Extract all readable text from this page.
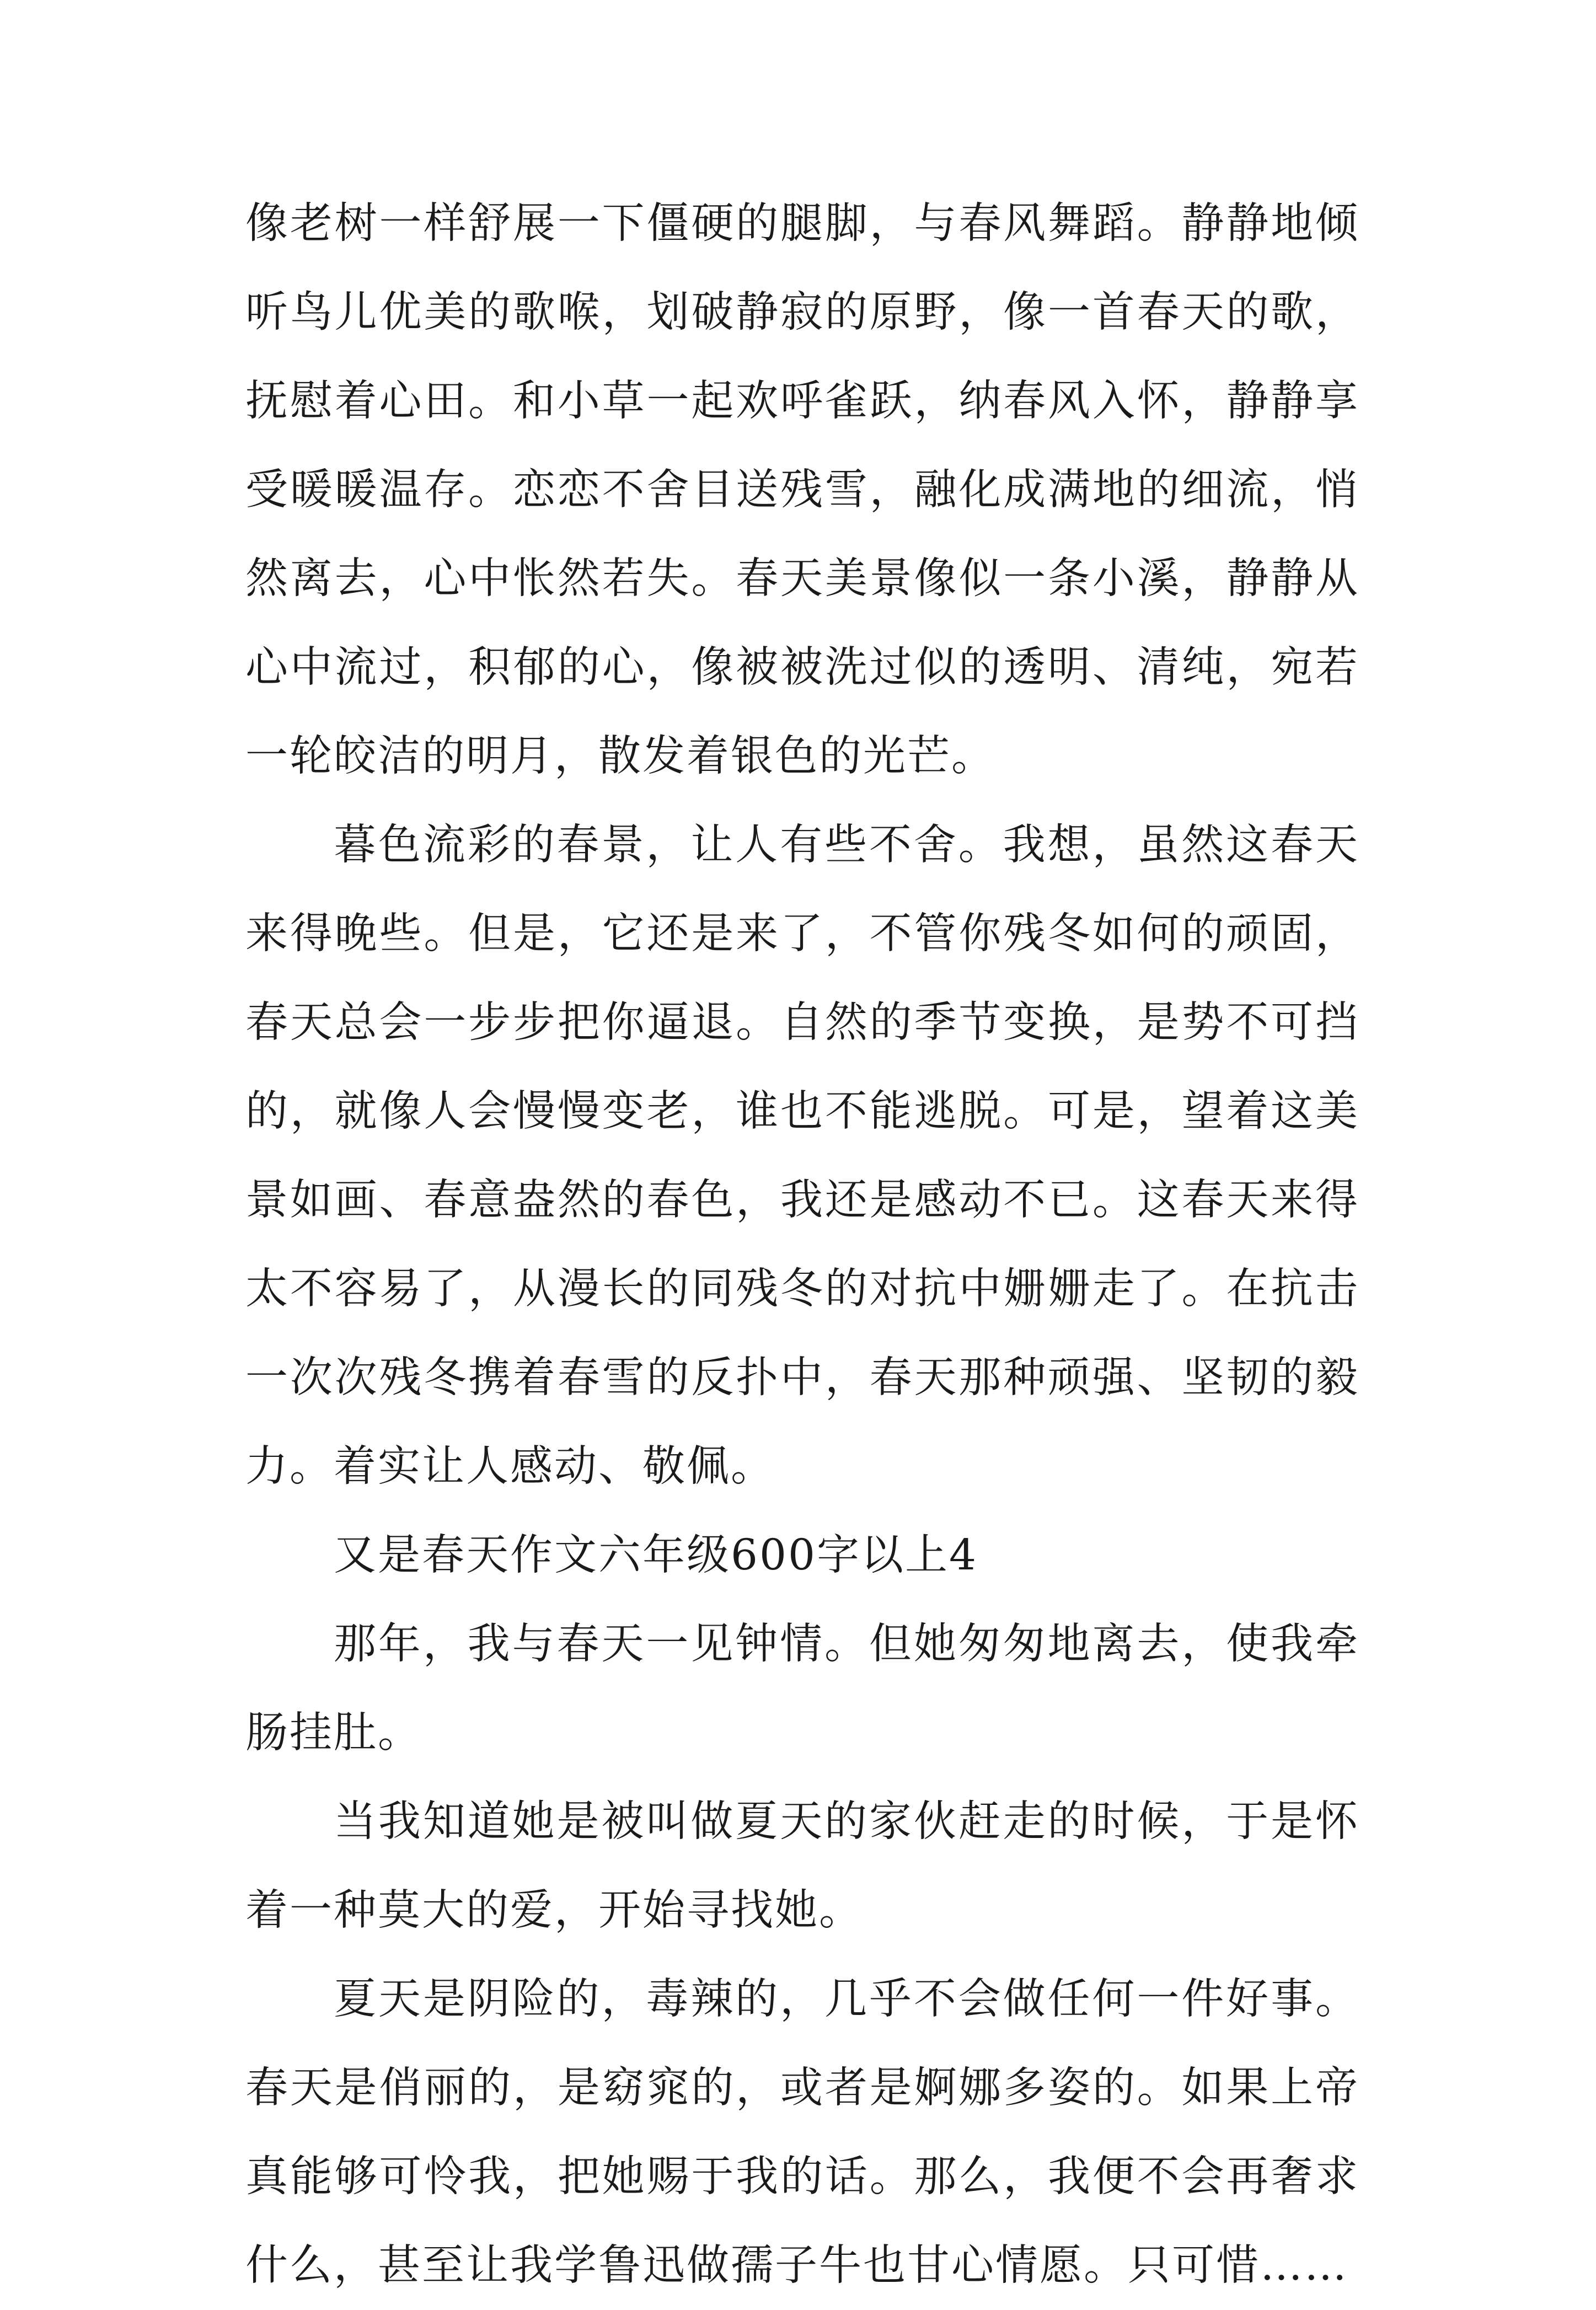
像老树一样舒展一下僵硬的腿脚，与春风舞蹈。静静地倾听鸟儿优美的歌喉，划破静寂的原野，像一首春天的歌，抚慰着心田。和小草一起欢呼雀跃，纳春风入怀，静静享受暖暖温存。恋恋不舍目送残雪，融化成满地的细流，悄然离去，心中怅然若失。春天美景像似一条小溪，静静从心中流过，积郁的心，像被被洗过似的透明、清纯，宛若一轮皎洁的明月，散发着银色的光芒。

暮色流彩的春景，让人有些不舍。我想，虽然这春天来得晚些。但是，它还是来了，不管你残冬如何的顽固，春天总会一步步把你逼退。自然的季节变换，是势不可挡的，就像人会慢慢变老，谁也不能逃脱。可是，望着这美景如画、春意盎然的春色，我还是感动不已。这春天来得太不容易了，从漫长的同残冬的对抗中姗姗走了。在抗击一次次残冬携着春雪的反扑中，春天那种顽强、坚韧的毅力。着实让人感动、敬佩。

又是春天作文六年级600字以上4

那年，我与春天一见钟情。但她匆匆地离去，使我牵肠挂肚。

当我知道她是被叫做夏天的家伙赶走的时候，于是怀着一种莫大的爱，开始寻找她。

夏天是阴险的，毒辣的，几乎不会做任何一件好事。春天是俏丽的，是窈窕的，或者是婀娜多姿的。如果上帝真能够可怜我，把她赐于我的话。那么，我便不会再奢求什么，甚至让我学鲁迅做孺子牛也甘心情愿。只可惜……
